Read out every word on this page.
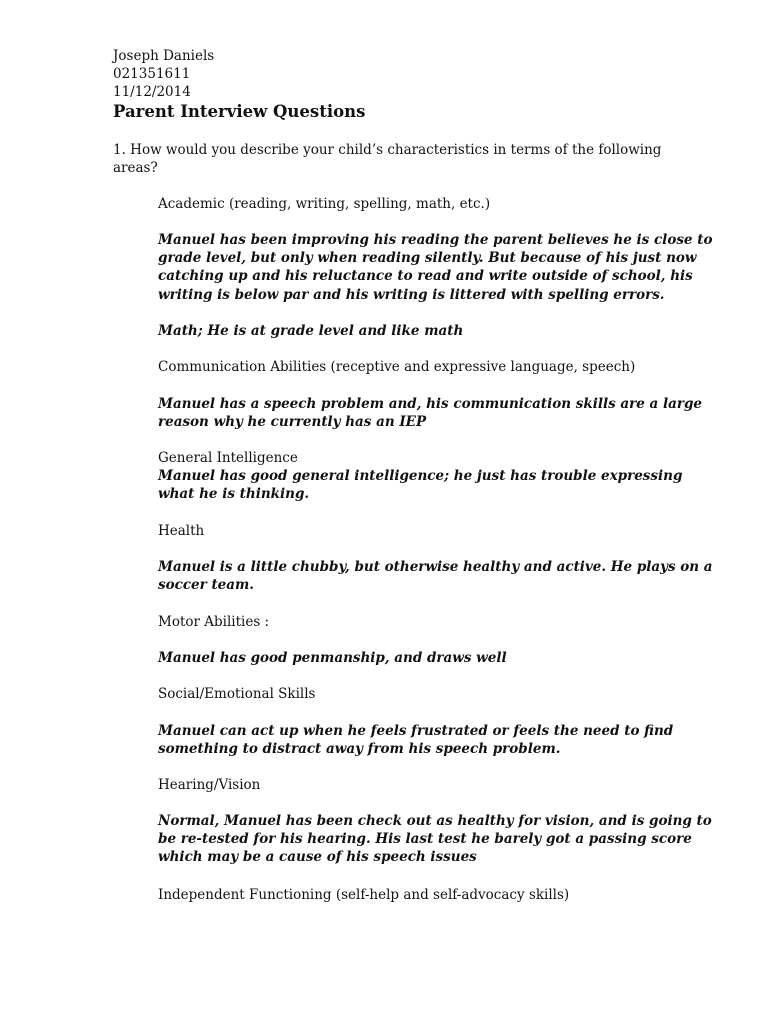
Joseph Daniels
021351611
11/12/2014
Parent Interview Questions
1. How would you describe your child’s characteristics in terms of the following
areas?
Academic (reading, writing, spelling, math, etc.)
Manuel has been improving his reading the parent believes he is close to
grade level, but only when reading silently. But because of his just now
catching up and his reluctance to read and write outside of school, his
writing is below par and his writing is littered with spelling errors.
Math; He is at grade level and like math
Communication Abilities (receptive and expressive language, speech)
Manuel has a speech problem and, his communication skills are a large
reason why he currently has an IEP
General Intelligence
Manuel has good general intelligence; he just has trouble expressing
what he is thinking.
Health
Manuel is a little chubby, but otherwise healthy and active. He plays on a
soccer team.
Motor Abilities :
Manuel has good penmanship, and draws well
Social/Emotional Skills
Manuel can act up when he feels frustrated or feels the need to find
something to distract away from his speech problem.
Hearing/Vision
Normal, Manuel has been check out as healthy for vision, and is going to
be re-tested for his hearing. His last test he barely got a passing score
which may be a cause of his speech issues
Independent Functioning (self-help and self-advocacy skills)
